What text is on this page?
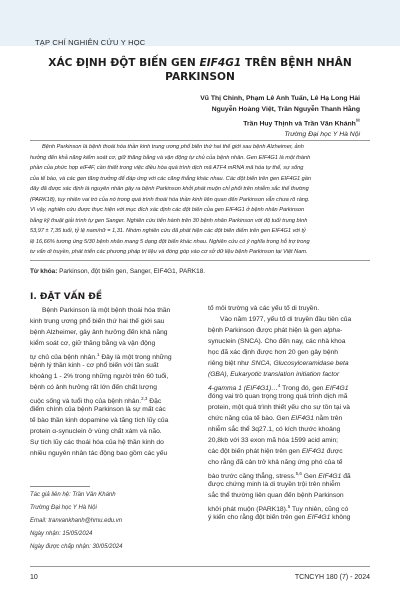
TẠP CHÍ NGHIÊN CỨU Y HỌC
XÁC ĐỊNH ĐỘT BIẾN GEN EIF4G1 TRÊN BỆNH NHÂN
PARKINSON
Vũ Thị Chinh, Phạm Lê Anh Tuấn, Lê Hạ Long Hải
Nguyễn Hoàng Việt, Trần Nguyễn Thanh Hằng
Trần Huy Thịnh và Trần Vân Khánh✉
Trường Đại học Y Hà Nội
Bệnh Parkinson là bệnh thoái hóa thần kinh trung ương phổ biến thứ hai thế giới sau bệnh Alzheimer, ảnh
hưởng đến khả năng kiểm soát cơ, giữ thăng bằng và vận động tự chủ của bệnh nhân. Gen EIF4G1 là một thành
phần của phức hợp eIF4F, cần thiết trong việc điều hòa quá trình dịch mã ATF4 mRNA mã hóa tự thể, sự sống
của tế bào, và các gen tăng trưởng để đáp ứng với các căng thẳng khác nhau. Các đột biến trên gen EIF4G1 gần
đây đã được xác định là nguyên nhân gây ra bệnh Parkinson khởi phát muộn chỉ phối trên nhiễm sắc thể thường
(PARK18), tuy nhiên vai trò của nó trong quá trình thoái hóa thần kinh liên quan đến Parkinson vẫn chưa rõ ràng.
Vì vậy, nghiên cứu được thực hiện với mục đích xác định các đột biến của gen EIF4G1 ở bệnh nhân Parkinson
bằng kỹ thuật giải trình tự gen Sanger. Nghiên cứu tiến hành trên 30 bệnh nhân Parkinson với độ tuổi trung bình
53,97 ± 7,35 tuổi, tỷ lệ nam/nữ = 1,31. Nhóm nghiên cứu đã phát hiện các đột biến điểm trên gen EIF4G1 với tỷ
lệ 16,66% tương ứng 5/30 bệnh nhân mang 5 dạng đột biến khác nhau. Nghiên cứu có ý nghĩa trong hỗ trợ trong
tư vấn di truyền, phát triển các phương pháp trị liệu và đóng góp vào cơ sở dữ liệu bệnh Parkinson tại Việt Nam.
Từ khóa: Parkinson, đột biến gen, Sanger, EIF4G1, PARK18.
I. ĐẶT VẤN ĐỀ
Bệnh Parkinson là một bệnh thoái hóa thần
kinh trung ương phổ biến thứ hai thế giới sau
bệnh Alzheimer, gây ảnh hưởng đến khả năng
kiểm soát cơ, giữ thăng bằng và vận động
tự chủ của bệnh nhân.$^1$ Đây là một trong những
bệnh lý thần kinh - cơ phổ biến với tần suất
khoảng 1 - 2% trong những người trên 60 tuổi,
bệnh có ảnh hưởng rất lớn đến chất lượng
cuộc sống và tuổi thọ của bệnh nhân.$^{2,3}$ Đặc
điểm chính của bệnh Parkinson là sự mất các
tế bào thần kinh dopamine và tăng tích lũy của
protein α-synuclein ở vùng chất xám và não.
Sự tích lũy các thoái hóa của hệ thần kinh do
nhiều nguyên nhân tác động bao gồm các yếu
Tác giả liên hệ: Trần Vân Khánh
Trường Đại học Y Hà Nội
Email: tranvankhanh@hmu.edu.vn
Ngày nhận: 15/05/2024
Ngày được chấp nhận: 30/05/2024
tố môi trường và các yếu tố di truyền.
Vào năm 1977, yếu tố di truyền đầu tiên của
bệnh Parkinson được phát hiện là gen alpha-
synuclein (SNCA). Cho đến nay, các nhà khoa
học đã xác định được hơn 20 gen gây bệnh
riêng biệt như SNCA, Glucosylceramidase beta
(GBA), Eukaryotic translation initiation factor
4-gamma 1 (EIF4G1)…$^4$ Trong đó, gen EIF4G1
đóng vai trò quan trọng trong quá trình dịch mã
protein, một quá trình thiết yếu cho sự tồn tại và
chức năng của tế bào. Gen EIF4G1 nằm trên
nhiễm sắc thể 3q27.1, có kích thước khoảng
20,8kb với 33 exon mã hóa 1599 acid amin;
các đột biến phát hiện trên gen EIF4G1 được
cho rằng đã cản trở khả năng ứng phó của tế
bào trước căng thẳng, stress.$^{5,6}$ Gen EIF4G1 đã
được chứng minh là di truyền trội trên nhiễm
sắc thể thường liên quan đến bệnh Parkinson
khởi phát muộn (PARK18).$^5$ Tuy nhiên, cũng có
ý kiến cho rằng đột biến trên gen EIF4G1 không
10	TCNCYH 180 (7) - 2024
